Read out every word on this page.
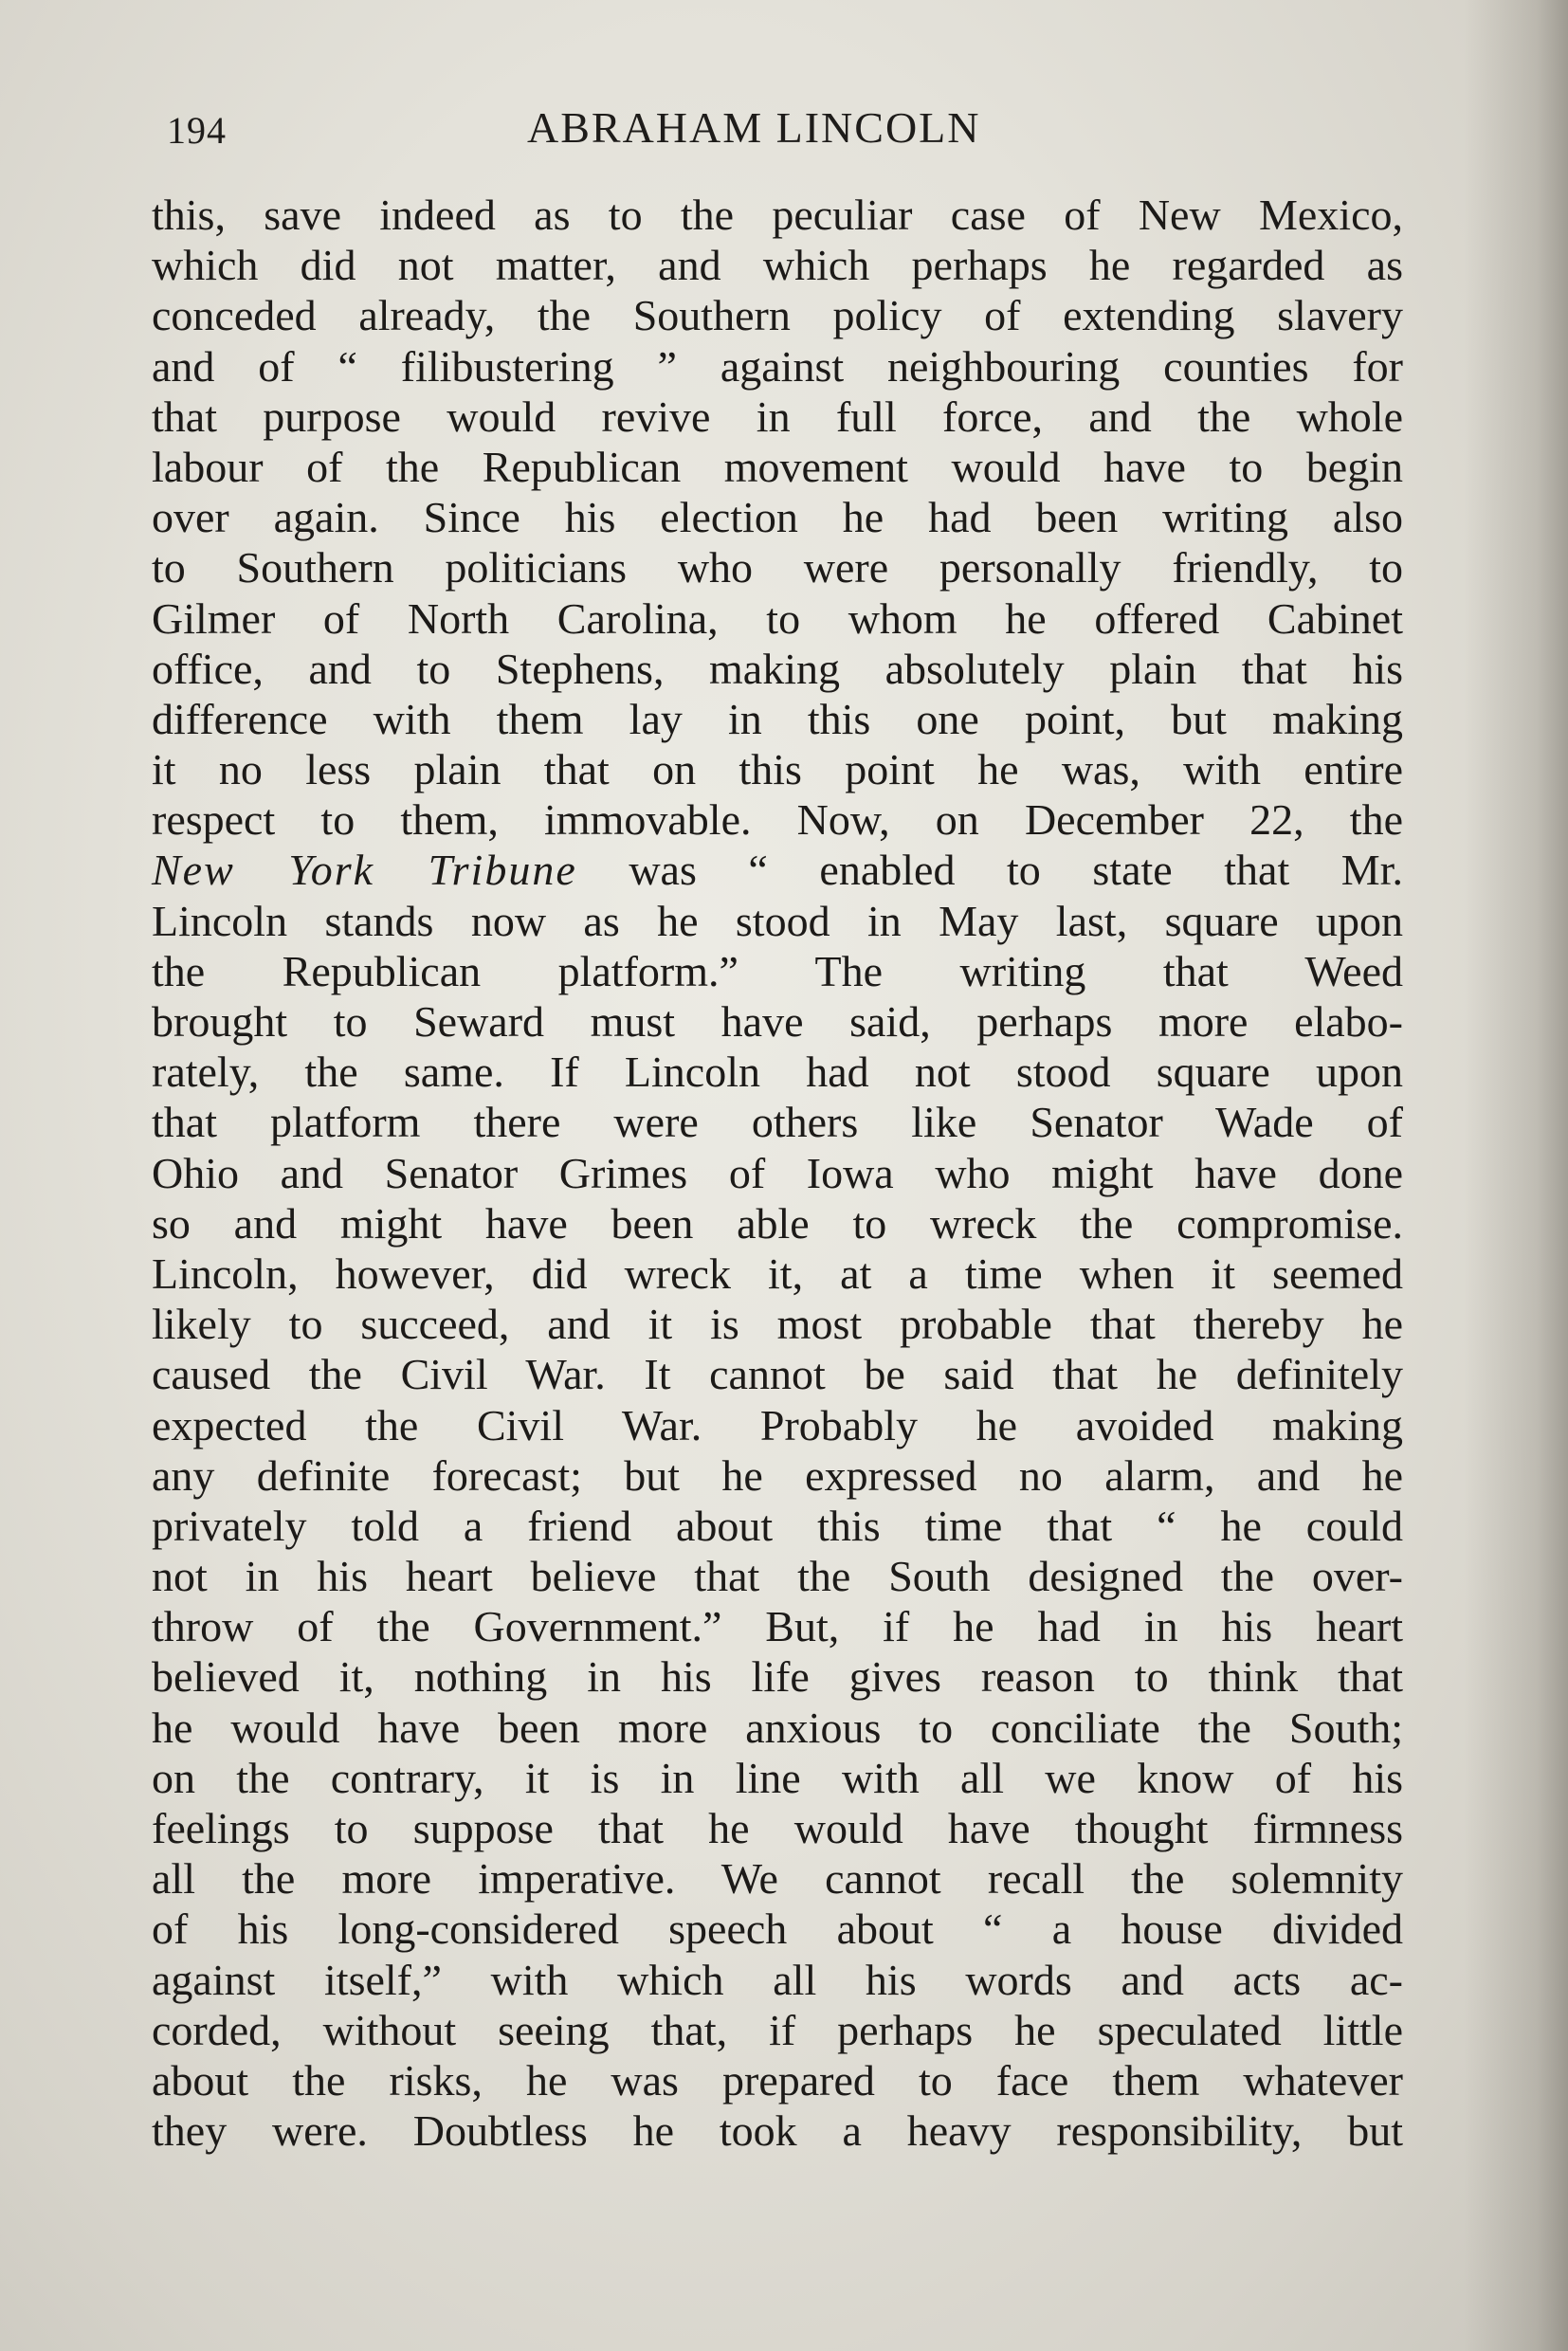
194	ABRAHAM LINCOLN
this, save indeed as to the peculiar case of New Mexico,
which did not matter, and which perhaps he regarded as
conceded already, the Southern policy of extending slavery
and of “ filibustering ” against neighbouring counties for
that purpose would revive in full force, and the whole
labour of the Republican movement would have to begin
over again. Since his election he had been writing also
to Southern politicians who were personally friendly, to
Gilmer of North Carolina, to whom he offered Cabinet
office, and to Stephens, making absolutely plain that his
difference with them lay in this one point, but making
it no less plain that on this point he was, with entire
respect to them, immovable. Now, on December 22, the
New York Tribune was “ enabled to state that Mr.
Lincoln stands now as he stood in May last, square upon
the Republican platform.” The writing that Weed
brought to Seward must have said, perhaps more elabo-
rately, the same. If Lincoln had not stood square upon
that platform there were others like Senator Wade of
Ohio and Senator Grimes of Iowa who might have done
so and might have been able to wreck the compromise.
Lincoln, however, did wreck it, at a time when it seemed
likely to succeed, and it is most probable that thereby he
caused the Civil War. It cannot be said that he definitely
expected the Civil War. Probably he avoided making
any definite forecast; but he expressed no alarm, and he
privately told a friend about this time that “ he could
not in his heart believe that the South designed the over-
throw of the Government.” But, if he had in his heart
believed it, nothing in his life gives reason to think that
he would have been more anxious to conciliate the South;
on the contrary, it is in line with all we know of his
feelings to suppose that he would have thought firmness
all the more imperative. We cannot recall the solemnity
of his long-considered speech about “ a house divided
against itself,” with which all his words and acts ac-
corded, without seeing that, if perhaps he speculated little
about the risks, he was prepared to face them whatever
they were. Doubtless he took a heavy responsibility, but
